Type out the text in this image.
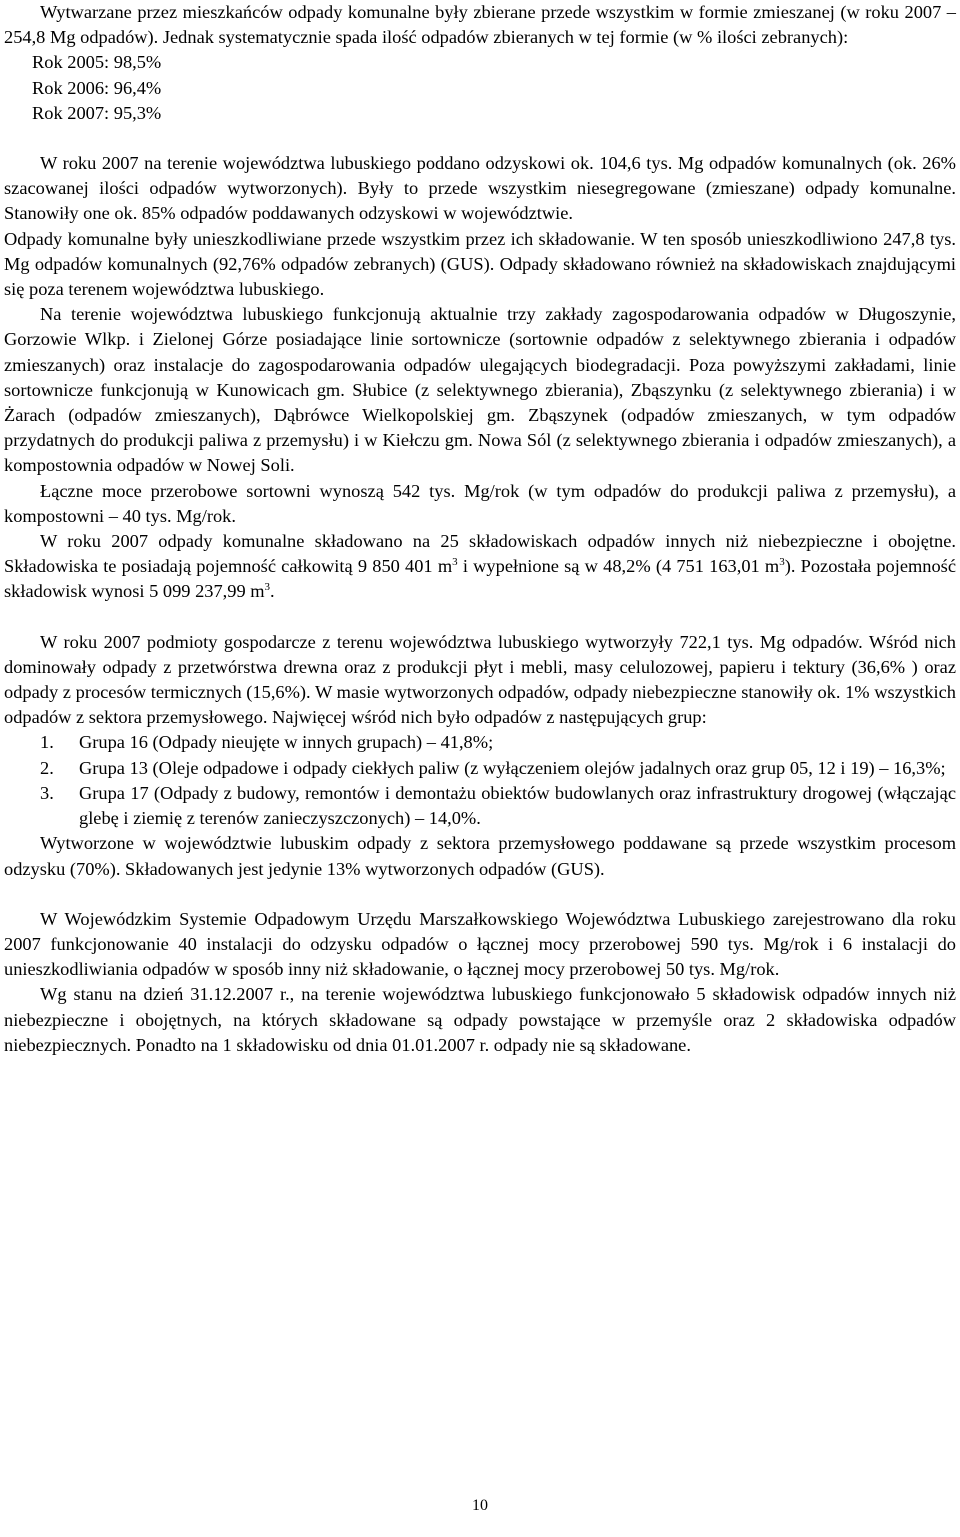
Wytwarzane przez mieszkańców odpady komunalne były zbierane przede wszystkim w formie zmieszanej (w roku 2007 – 254,8 Mg odpadów). Jednak systematycznie spada ilość odpadów zbieranych w tej formie (w % ilości zebranych):

Rok 2005: 98,5%
Rok 2006: 96,4%
Rok 2007: 95,3%

W roku 2007 na terenie województwa lubuskiego poddano odzyskowi ok. 104,6 tys. Mg odpadów komunalnych (ok. 26% szacowanej ilości odpadów wytworzonych). Były to przede wszystkim niesegregowane (zmieszane) odpady komunalne. Stanowiły one ok. 85% odpadów poddawanych odzyskowi w województwie.

Odpady komunalne były unieszkodliwiane przede wszystkim przez ich składowanie. W ten sposób unieszkodliwiono 247,8 tys. Mg odpadów komunalnych (92,76% odpadów zebranych) (GUS). Odpady składowano również na składowiskach znajdującymi się poza terenem województwa lubuskiego.

Na terenie województwa lubuskiego funkcjonują aktualnie trzy zakłady zagospodarowania odpadów w Długoszynie, Gorzowie Wlkp. i Zielonej Górze posiadające linie sortownicze (sortownie odpadów z selektywnego zbierania i odpadów zmieszanych) oraz instalacje do zagospodarowania odpadów ulegających biodegradacji. Poza powyższymi zakładami, linie sortownicze funkcjonują w Kunowicach gm. Słubice (z selektywnego zbierania), Zbąszynku (z selektywnego zbierania) i w Żarach (odpadów zmieszanych), Dąbrówce Wielkopolskiej gm. Zbąszynek (odpadów zmieszanych, w tym odpadów przydatnych do produkcji paliwa z przemysłu) i w Kiełczu gm. Nowa Sól (z selektywnego zbierania i odpadów zmieszanych), a kompostownia odpadów w Nowej Soli.

Łączne moce przerobowe sortowni wynoszą 542 tys. Mg/rok (w tym odpadów do produkcji paliwa z przemysłu), a kompostowni – 40 tys. Mg/rok.

W roku 2007 odpady komunalne składowano na 25 składowiskach odpadów innych niż niebezpieczne i obojętne. Składowiska te posiadają pojemność całkowitą 9 850 401 $m^3$ i wypełnione są w 48,2% (4 751 163,01 $m^3$). Pozostała pojemność składowisk wynosi 5 099 237,99 $m^3$.

W roku 2007 podmioty gospodarcze z terenu województwa lubuskiego wytworzyły 722,1 tys. Mg odpadów. Wśród nich dominowały odpady z przetwórstwa drewna oraz z produkcji płyt i mebli, masy celulozowej, papieru i tektury (36,6% ) oraz odpady z procesów termicznych (15,6%). W masie wytworzonych odpadów, odpady niebezpieczne stanowiły ok. 1% wszystkich odpadów z sektora przemysłowego. Najwięcej wśród nich było odpadów z następujących grup:

1. Grupa 16 (Odpady nieujęte w innych grupach) – 41,8%;
2. Grupa 13 (Oleje odpadowe i odpady ciekłych paliw (z wyłączeniem olejów jadalnych oraz grup 05, 12 i 19) – 16,3%;
3. Grupa 17 (Odpady z budowy, remontów i demontażu obiektów budowlanych oraz infrastruktury drogowej (włączając glebę i ziemię z terenów zanieczyszczonych) – 14,0%.

Wytworzone w województwie lubuskim odpady z sektora przemysłowego poddawane są przede wszystkim procesom odzysku (70%). Składowanych jest jedynie 13% wytworzonych odpadów (GUS).

W Wojewódzkim Systemie Odpadowym Urzędu Marszałkowskiego Województwa Lubuskiego zarejestrowano dla roku 2007 funkcjonowanie 40 instalacji do odzysku odpadów o łącznej mocy przerobowej 590 tys. Mg/rok i 6 instalacji do unieszkodliwiania odpadów w sposób inny niż składowanie, o łącznej mocy przerobowej 50 tys. Mg/rok.

Wg stanu na dzień 31.12.2007 r., na terenie województwa lubuskiego funkcjonowało 5 składowisk odpadów innych niż niebezpieczne i obojętnych, na których składowane są odpady powstające w przemyśle oraz 2 składowiska odpadów niebezpiecznych. Ponadto na 1 składowisku od dnia 01.01.2007 r. odpady nie są składowane.

10
